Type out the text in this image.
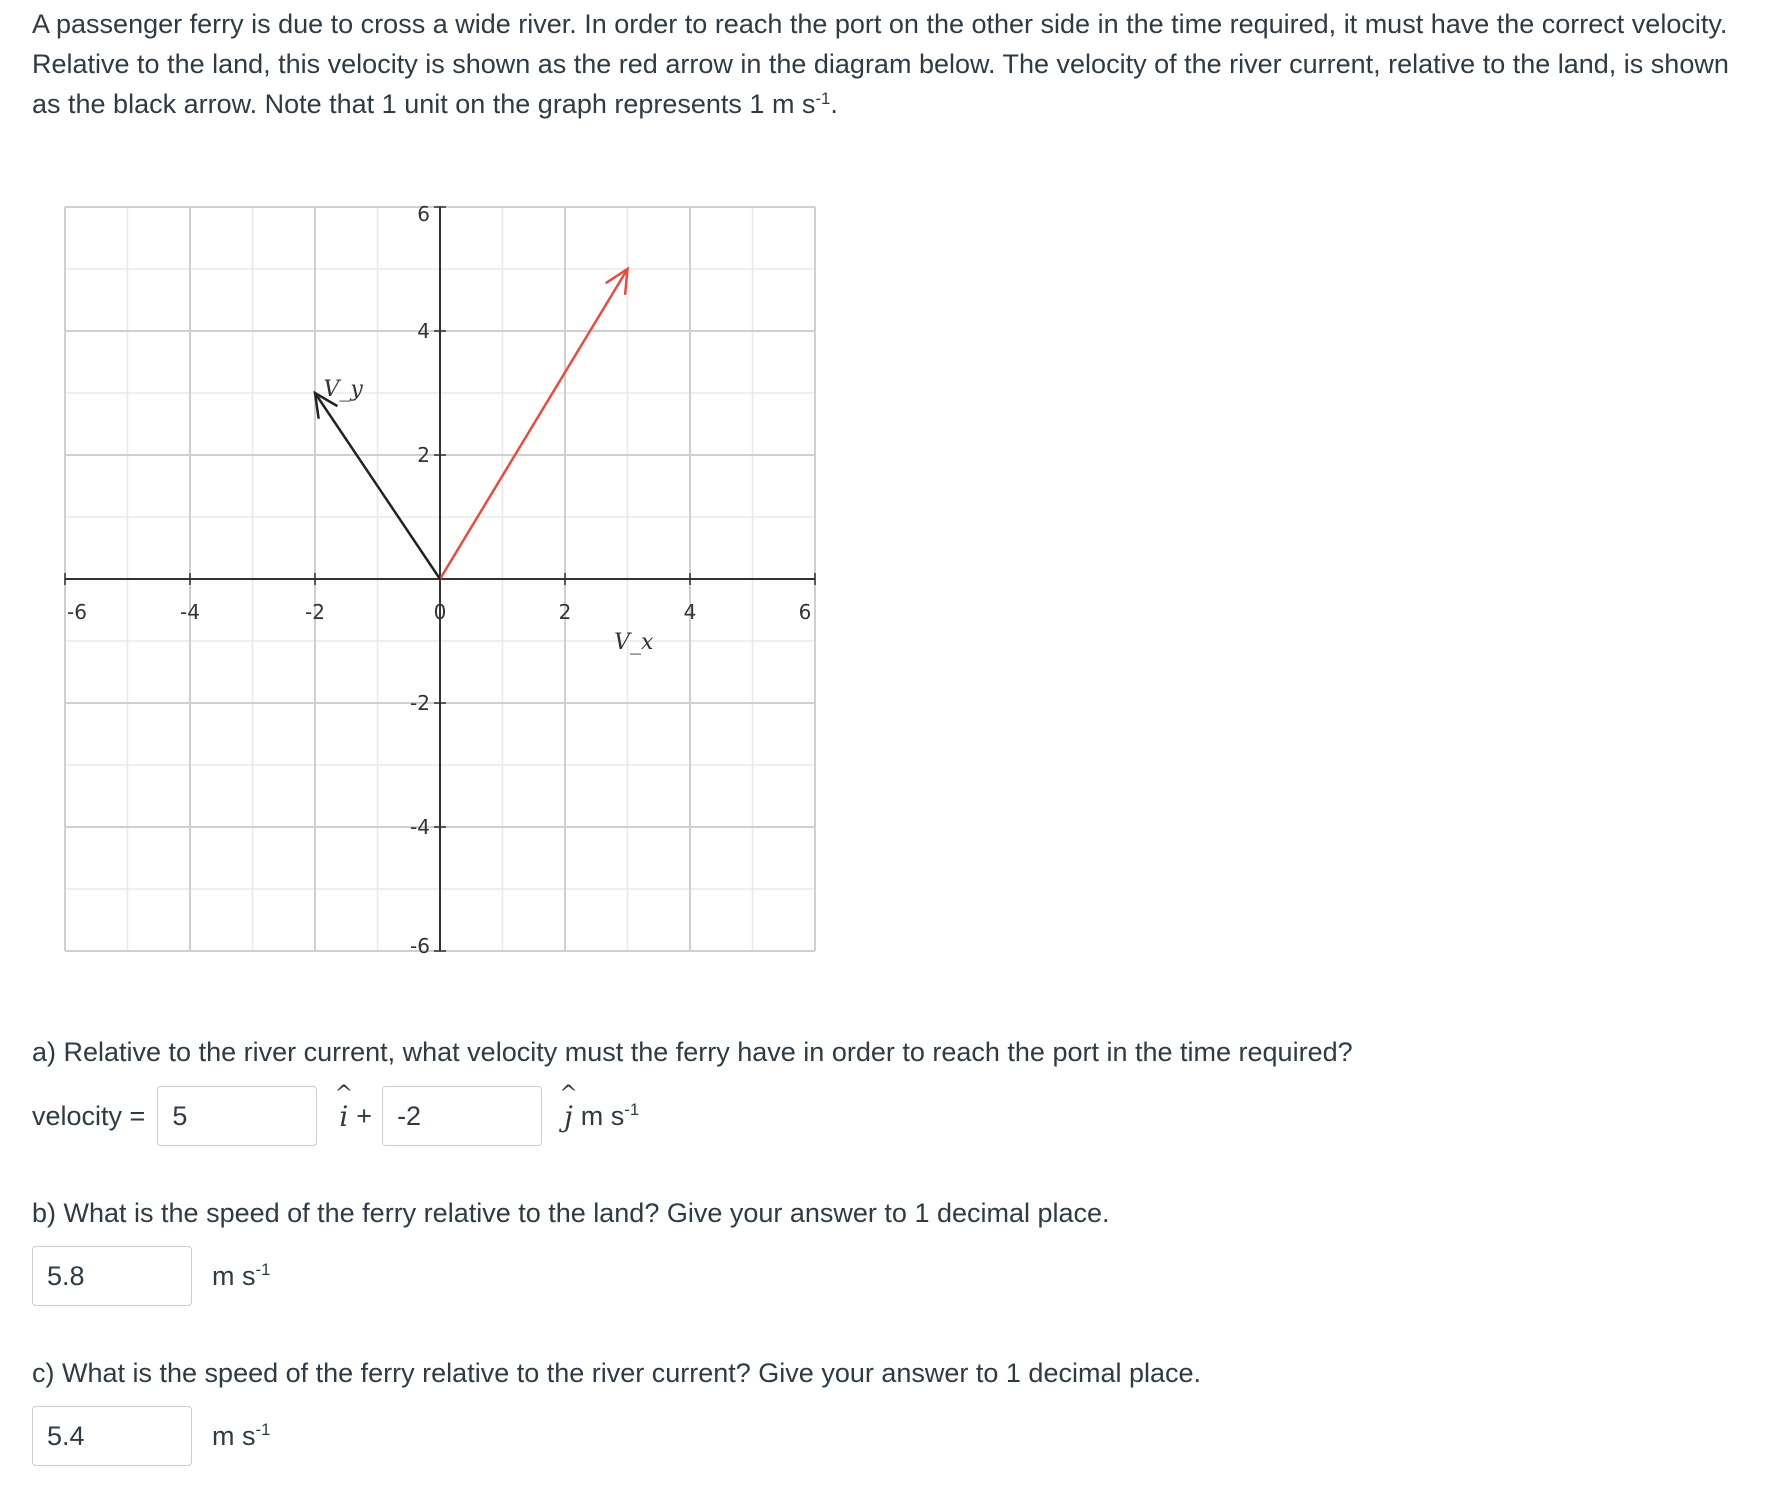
A passenger ferry is due to cross a wide river. In order to reach the port on the other side in the time required, it must have the correct velocity. Relative to the land, this velocity is shown as the red arrow in the diagram below. The velocity of the river current, relative to the land, is shown as the black arrow. Note that 1 unit on the graph represents 1 m $s^{-1}$.

-6	-4	-2	0	2	4	6
6
4
2
-2
-4
-6
V_x
V_y

a) Relative to the river current, what velocity must the ferry have in order to reach the port in the time required?

velocity =	5
^
i + -2
^
j m $s^{-1}$

b) What is the speed of the ferry relative to the land? Give your answer to 1 decimal place.

5.8	m $s^{-1}$

c) What is the speed of the ferry relative to the river current? Give your answer to 1 decimal place.

5.4	m $s^{-1}$
